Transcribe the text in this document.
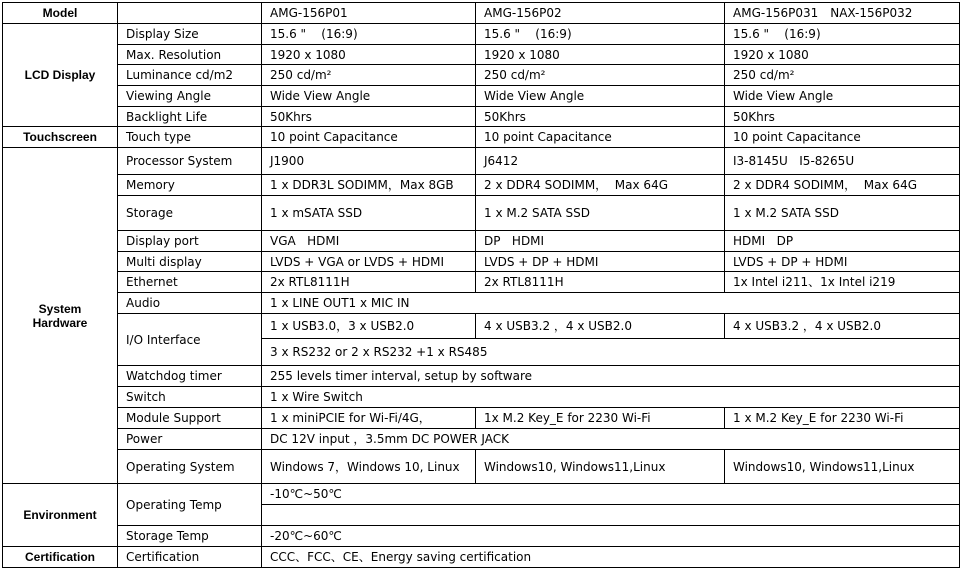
Model		AMG-156P01	AMG-156P02	AMG-156P031 NAX-156P032
LCD Display	Display Size	15.6 "    (16:9)	15.6 "    (16:9)	15.6 "    (16:9)
	Max. Resolution	1920 x 1080	1920 x 1080	1920 x 1080
	Luminance cd/m2	250 cd/m²	250 cd/m²	250 cd/m²
	Viewing Angle	Wide View Angle	Wide View Angle	Wide View Angle
	Backlight Life	50Khrs	50Khrs	50Khrs

Touchscreen	Touch type	10 point Capacitance	10 point Capacitance	10 point Capacitance
System Hardware	Processor System	J1900	J6412	I3-8145U   I5-8265U
	Memory	1 x DDR3L SODIMM，Max 8GB	2 x DDR4 SODIMM，  Max 64G	2 x DDR4 SODIMM，  Max 64G
	Storage	1 x mSATA SSD	1 x M.2 SATA SSD	1 x M.2 SATA SSD
	Display port	VGA   HDMI	DP   HDMI	HDMI   DP
	Multi display	LVDS + VGA or LVDS + HDMI	LVDS + DP + HDMI	LVDS + DP + HDMI
	Ethernet	2x RTL8111H	2x RTL8111H	1x Intel i211、1x Intel i219
	Audio	1 x LINE OUT1 x MIC IN		
	I/O Interface	1 x USB3.0，3 x USB2.0	4 x USB3.2 ，4 x USB2.0	4 x USB3.2 ，4 x USB2.0
		3 x RS232 or 2 x RS232 +1 x RS485		
	Watchdog timer	255 levels timer interval, setup by software		
	Switch	1 x Wire Switch		
	Module Support	1 x miniPCIE for Wi-Fi/4G，	1x M.2 Key_E for 2230 Wi-Fi	1 x M.2 Key_E for 2230 Wi-Fi
	Power	DC 12V input ，3.5mm DC POWER JACK		
	Operating System	Windows 7，Windows 10, Linux	Windows10, Windows11,Linux	Windows10, Windows11,Linux

Environment	Operating Temp	-10℃~50℃		

	Storage Temp	-20℃~60℃		
Certification	Certification	CCC、FCC、CE、Energy saving certification		
